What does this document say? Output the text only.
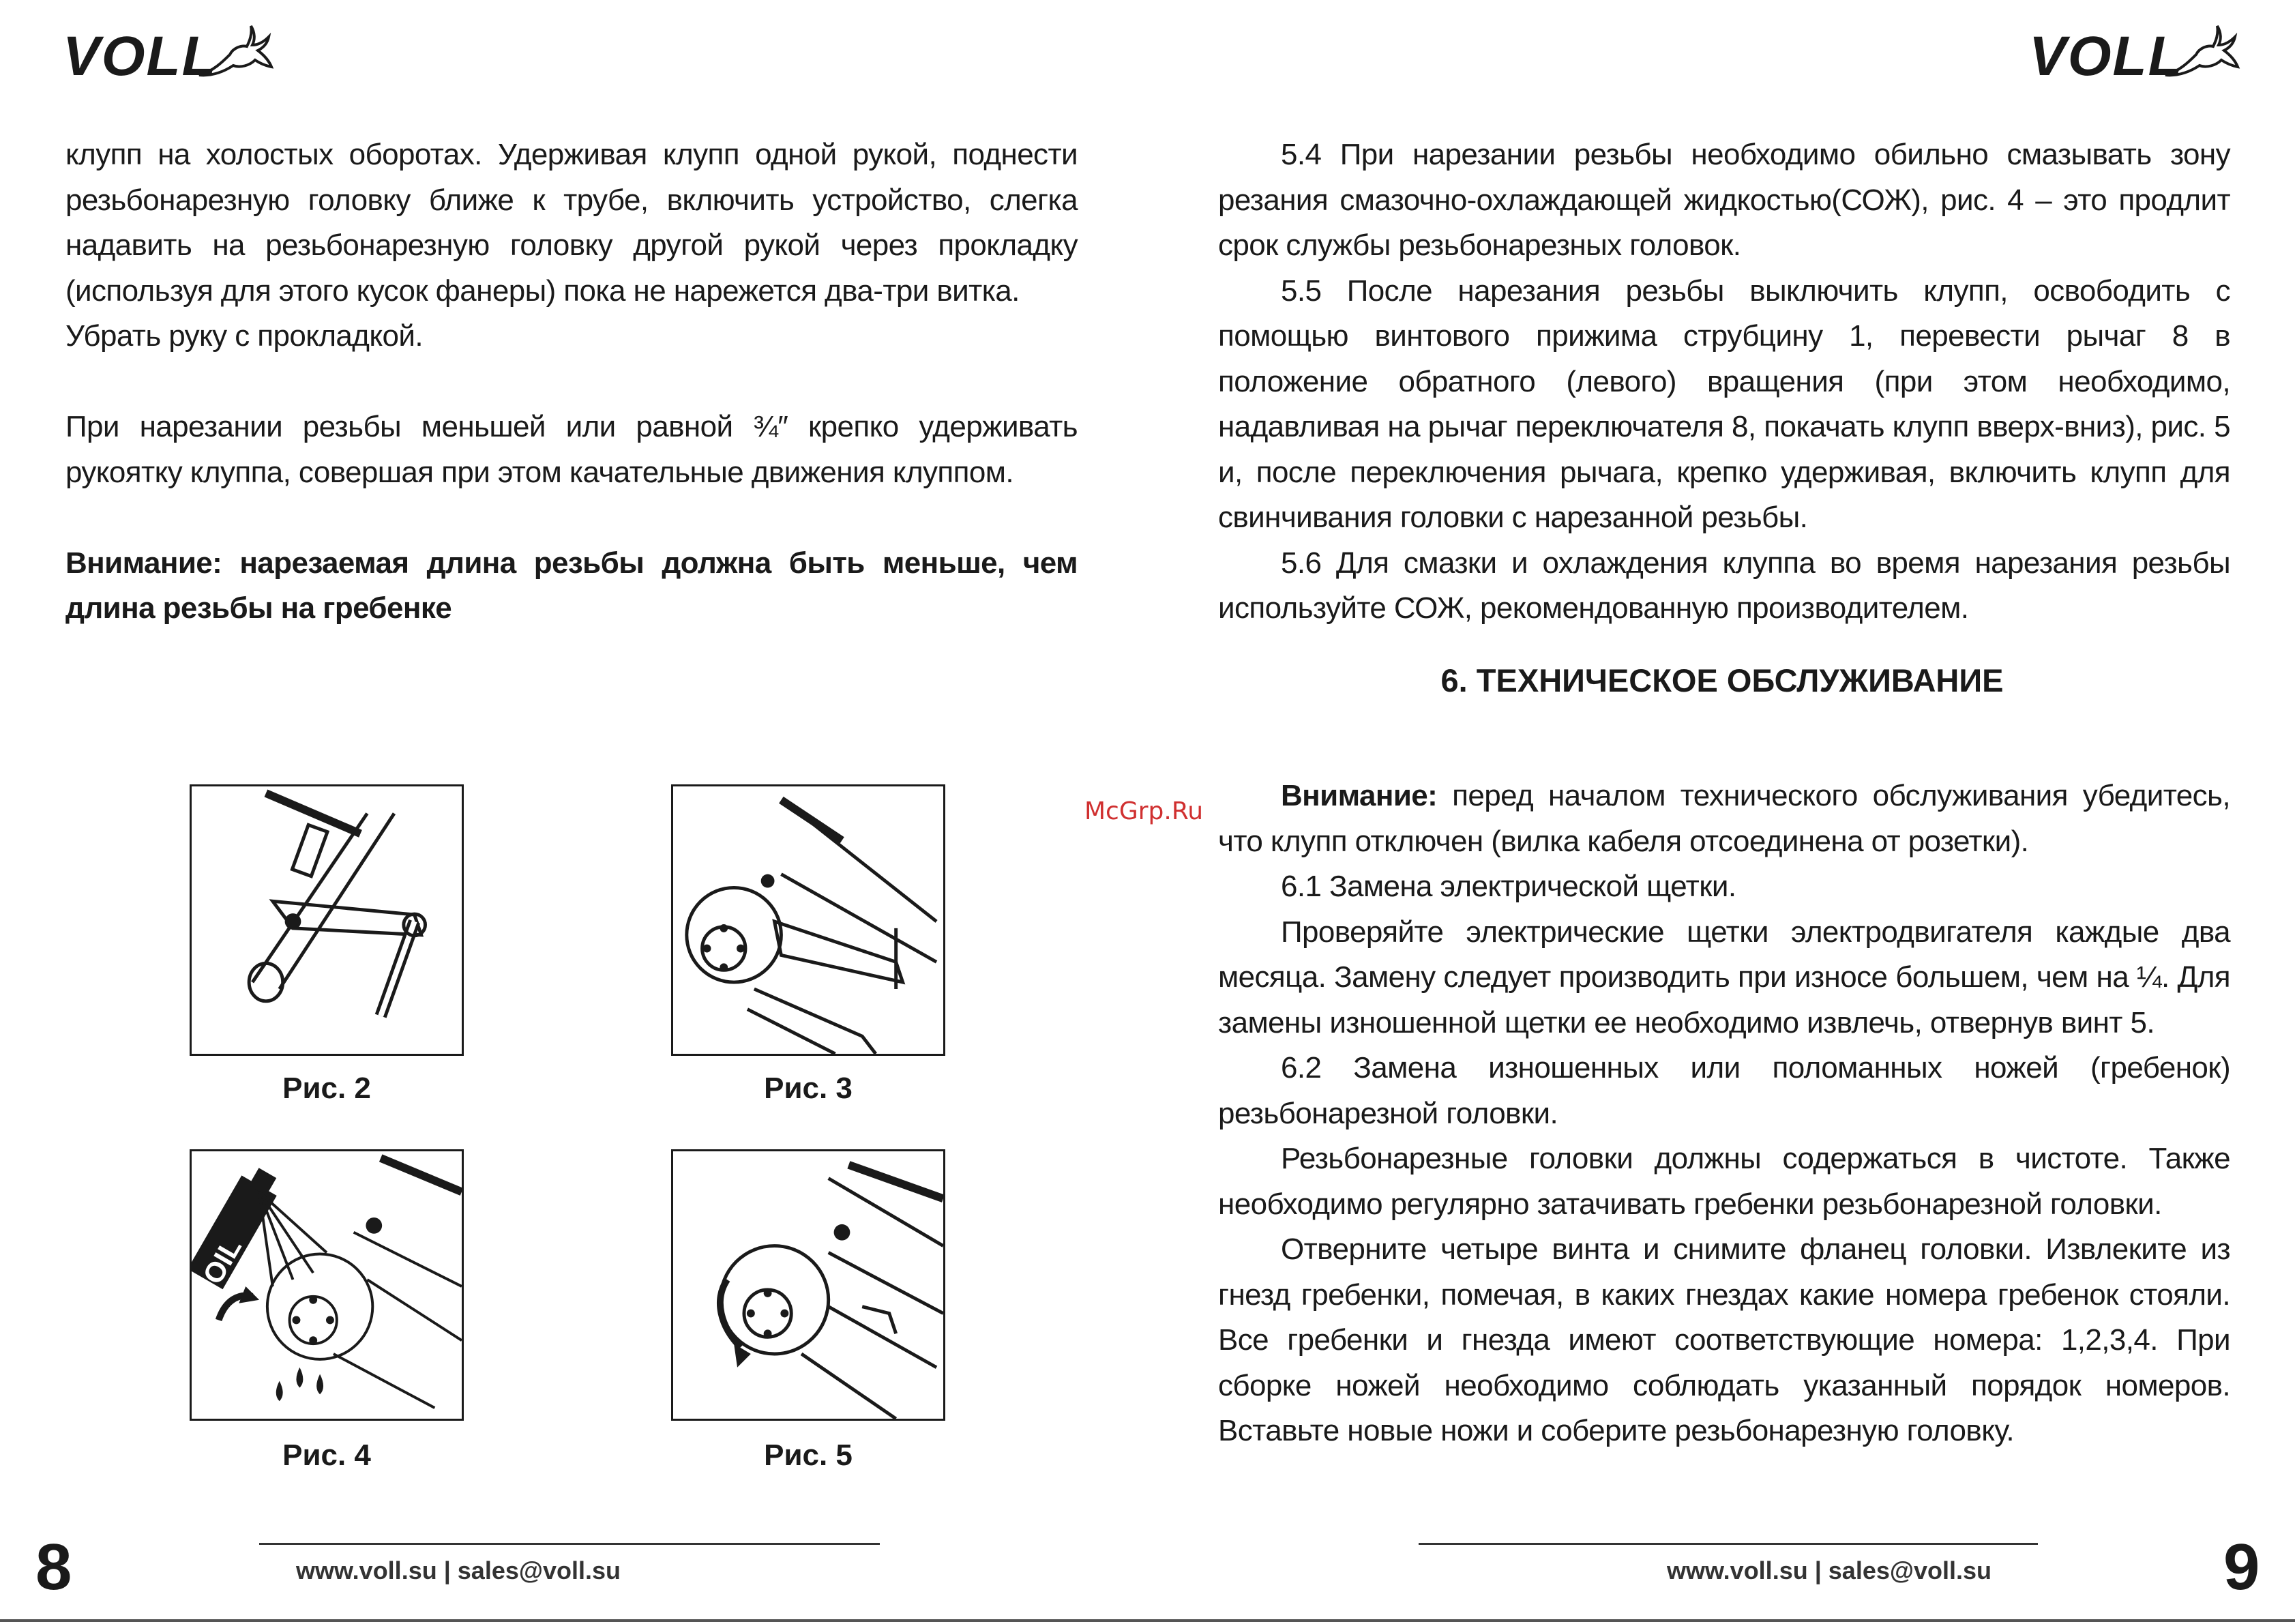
VOLL	VOLL

клупп на холостых оборотах. Удерживая клупп одной рукой, поднести резьбонарезную головку ближе к трубе, включить устройство, слегка надавить на резьбонарезную головку другой рукой через прокладку (используя для этого кусок фанеры) пока не нарежется два-три витка.

Убрать руку с прокладкой.

При нарезании резьбы меньшей или равной ¾″ крепко удерживать рукоятку клуппа, совершая при этом качательные движения клуппом.

Внимание: нарезаемая длина резьбы должна быть меньше, чем длина резьбы на гребенке

Рис. 2	Рис. 3
OIL
Рис. 4	Рис. 5

5.4 При нарезании резьбы необходимо обильно смазывать зону резания смазочно-охлаждающей жидкостью(СОЖ), рис. 4 – это продлит срок службы резьбонарезных головок.

5.5 После нарезания резьбы выключить клупп, освободить с помощью винтового прижима струбцину 1, перевести рычаг 8 в положение обратного (левого) вращения (при этом необходимо, надавливая на рычаг переключателя 8, покачать клупп вверх-вниз), рис. 5 и, после переключения рычага, крепко удерживая, включить клупп для свинчивания головки с нарезанной резьбы.

5.6 Для смазки и охлаждения клуппа во время нарезания резьбы используйте СОЖ, рекомендованную производителем.

6. ТЕХНИЧЕСКОЕ ОБСЛУЖИВАНИЕ

Внимание: перед началом технического обслуживания убедитесь, что клупп отключен (вилка кабеля отсоединена от розетки).

6.1 Замена электрической щетки.

Проверяйте электрические щетки электродвигателя каждые два месяца. Замену следует производить при износе большем, чем на ¼. Для замены изношенной щетки ее необходимо извлечь, отвернув винт 5.

6.2 Замена изношенных или поломанных ножей (гребенок) резьбонарезной головки.

Резьбонарезные головки должны содержаться в чистоте. Также необходимо регулярно затачивать гребенки резьбонарезной головки.

Отверните четыре винта и снимите фланец головки. Извлеките из гнезд гребенки, помечая, в каких гнездах какие номера гребенок стояли. Все гребенки и гнезда имеют соответствующие номера: 1,2,3,4. При сборке ножей необходимо соблюдать указанный порядок номеров. Вставьте новые ножи и соберите резьбонарезную головку.

McGrp.Ru
www.voll.su | sales@voll.su
8	www.voll.su | sales@voll.su	9
